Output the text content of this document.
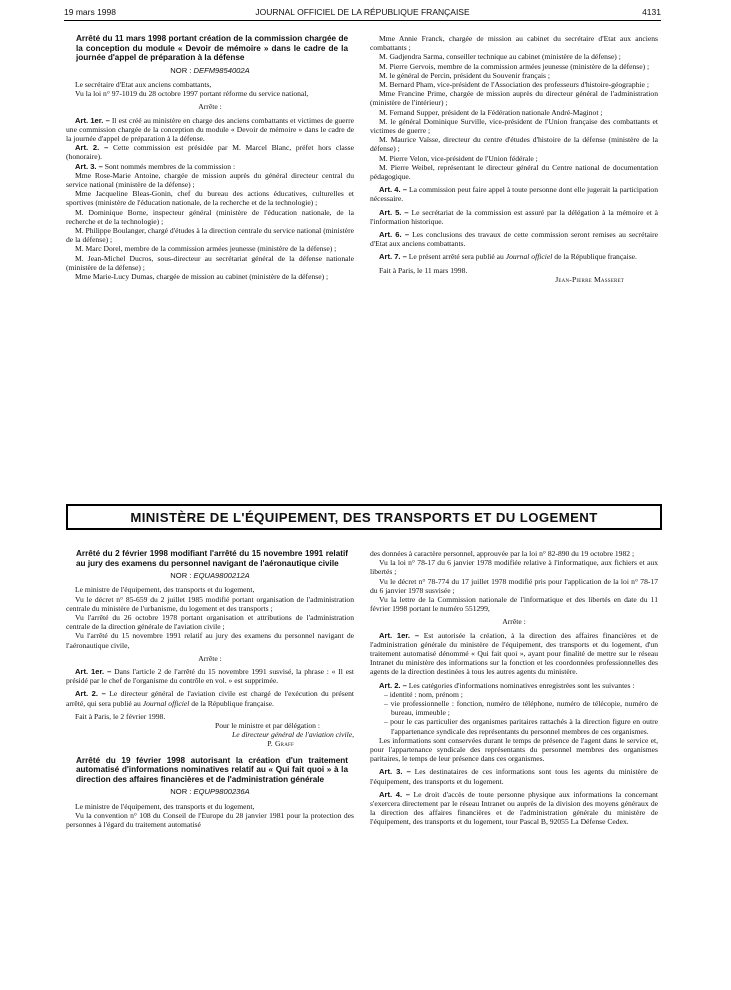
19 mars 1998	JOURNAL OFFICIEL DE LA RÉPUBLIQUE FRANÇAISE	4131

Arrêté du 11 mars 1998 portant création de la commission chargée de la conception du module « Devoir de mémoire » dans le cadre de la journée d'appel de préparation à la défense

NOR : DEFM9854002A

Le secrétaire d'Etat aux anciens combattants,

Vu la loi n° 97-1019 du 28 octobre 1997 portant réforme du service national,

Arrête :

Art. 1er. – Il est créé au ministère en charge des anciens combattants et victimes de guerre une commission chargée de la conception du module « Devoir de mémoire » dans le cadre de la journée d'appel de préparation à la défense.

Art. 2. – Cette commission est présidée par M. Marcel Blanc, préfet hors classe (honoraire).

Art. 3. – Sont nommés membres de la commission :

Mme Rose-Marie Antoine, chargée de mission auprès du général directeur central du service national (ministère de la défense) ;

Mme Jacqueline Bleas-Gonin, chef du bureau des actions éducatives, culturelles et sportives (ministère de l'éducation nationale, de la recherche et de la technologie) ;

M. Dominique Borne, inspecteur général (ministère de l'éducation nationale, de la recherche et de la technologie) ;

M. Philippe Boulanger, chargé d'études à la direction centrale du service national (ministère de la défense) ;

M. Marc Dorel, membre de la commission armées jeunesse (ministère de la défense) ;

M. Jean-Michel Ducros, sous-directeur au secrétariat général de la défense nationale (ministère de la défense) ;

Mme Marie-Lucy Dumas, chargée de mission au cabinet (ministère de la défense) ;

Mme Annie Franck, chargée de mission au cabinet du secrétaire d'Etat aux anciens combattants ;

M. Gadjendra Sarma, conseiller technique au cabinet (ministère de la défense) ;

M. Pierre Gervois, membre de la commission armées jeunesse (ministère de la défense) ;

M. le général de Percin, président du Souvenir français ;

M. Bernard Pham, vice-président de l'Association des professeurs d'histoire-géographie ;

Mme Francine Prime, chargée de mission auprès du directeur général de l'administration (ministère de l'intérieur) ;

M. Fernand Supper, président de la Fédération nationale André-Maginot ;

M. le général Dominique Surville, vice-président de l'Union française des combattants et victimes de guerre ;

M. Maurice Vaïsse, directeur du centre d'études d'histoire de la défense (ministère de la défense) ;

M. Pierre Velon, vice-président de l'Union fédérale ;

M. Pierre Weibel, représentant le directeur général du Centre national de documentation pédagogique.

Art. 4. – La commission peut faire appel à toute personne dont elle jugerait la participation nécessaire.

Art. 5. – Le secrétariat de la commission est assuré par la délégation à la mémoire et à l'information historique.

Art. 6. – Les conclusions des travaux de cette commission seront remises au secrétaire d'Etat aux anciens combattants.

Art. 7. – Le présent arrêté sera publié au Journal officiel de la République française.

Fait à Paris, le 11 mars 1998.

Jean-Pierre Masseret

MINISTÈRE DE L'ÉQUIPEMENT, DES TRANSPORTS ET DU LOGEMENT

Arrêté du 2 février 1998 modifiant l'arrêté du 15 novembre 1991 relatif au jury des examens du personnel navigant de l'aéronautique civile

NOR : EQUA9800212A

Le ministre de l'équipement, des transports et du logement,

Vu le décret n° 85-659 du 2 juillet 1985 modifié portant organisation de l'administration centrale du ministère de l'urbanisme, du logement et des transports ;

Vu l'arrêté du 26 octobre 1978 portant organisation et attributions de l'administration centrale de la direction générale de l'aviation civile ;

Vu l'arrêté du 15 novembre 1991 relatif au jury des examens du personnel navigant de l'aéronautique civile,

Arrête :

Art. 1er. – Dans l'article 2 de l'arrêté du 15 novembre 1991 susvisé, la phrase : « Il est présidé par le chef de l'organisme du contrôle en vol. » est supprimée.

Art. 2. – Le directeur général de l'aviation civile est chargé de l'exécution du présent arrêté, qui sera publié au Journal officiel de la République française.

Fait à Paris, le 2 février 1998.

Pour le ministre et par délégation :

Le directeur général de l'aviation civile,

P. Graff

Arrêté du 19 février 1998 autorisant la création d'un traitement automatisé d'informations nominatives relatif au « Qui fait quoi » à la direction des affaires financières et de l'administration générale

NOR : EQUP9800236A

Le ministre de l'équipement, des transports et du logement,

Vu la convention n° 108 du Conseil de l'Europe du 28 janvier 1981 pour la protection des personnes à l'égard du traitement automatisé

des données à caractère personnel, approuvée par la loi n° 82-890 du 19 octobre 1982 ;

Vu la loi n° 78-17 du 6 janvier 1978 modifiée relative à l'informatique, aux fichiers et aux libertés ;

Vu le décret n° 78-774 du 17 juillet 1978 modifié pris pour l'application de la loi n° 78-17 du 6 janvier 1978 susvisée ;

Vu la lettre de la Commission nationale de l'informatique et des libertés en date du 11 février 1998 portant le numéro 551299,

Arrête :

Art. 1er. – Est autorisée la création, à la direction des affaires financières et de l'administration générale du ministère de l'équipement, des transports et du logement, d'un traitement automatisé dénommé « Qui fait quoi », ayant pour finalité de mettre sur le réseau Intranet du ministère des informations sur la fonction et les coordonnées professionnelles des agents de la direction destinées à tous les autres agents du ministère.

Art. 2. – Les catégories d'informations nominatives enregistrées sont les suivantes :

– identité : nom, prénom ;
– vie professionnelle : fonction, numéro de téléphone, numéro de télécopie, numéro de bureau, immeuble ;
– pour le cas particulier des organismes paritaires rattachés à la direction figure en outre l'appartenance syndicale des représentants du personnel membres de ces organismes.

Les informations sont conservées durant le temps de présence de l'agent dans le service et, pour l'appartenance syndicale des représentants du personnel membres des organismes paritaires, le temps de leur présence dans ces organismes.

Art. 3. – Les destinataires de ces informations sont tous les agents du ministère de l'équipement, des transports et du logement.

Art. 4. – Le droit d'accès de toute personne physique aux informations la concernant s'exercera directement par le réseau Intranet ou auprès de la division des moyens généraux de la direction des affaires financières et de l'administration générale du ministère de l'équipement, des transports et du logement, tour Pascal B, 92055 La Défense Cedex.
